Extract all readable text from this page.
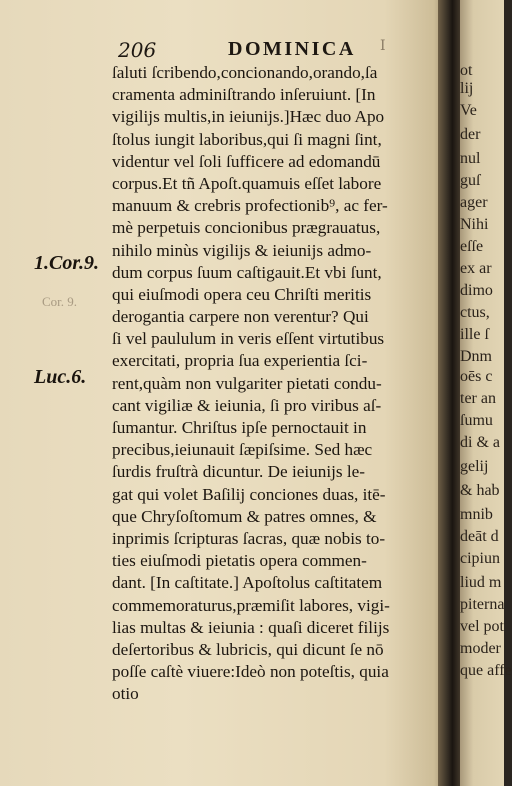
206	DOMINICA I
1.Cor.9.
Cor. 9.
Luc.6.
ſaluti ſcribendo,concionando,orando,ſa
cramenta adminiſtrando inſeruiunt. [In
vigilijs multis,in ieiunijs.]Hæc duo Apo
ſtolus iungit laboribus,qui ſi magni ſint,
videntur vel ſoli ſufficere ad edomandū
corpus.Et tñ Apoſt.quamuis eſſet labore
manuum & crebris profectionib⁹, ac fer-
mè perpetuis concionibus prægrauatus,
nihilo minùs vigilijs & ieiunijs admo-
dum corpus ſuum caſtigauit.Et vbi ſunt,
qui eiuſmodi opera ceu Chriſti meritis
derogantia carpere non verentur? Qui
ſi vel paululum in veris eſſent virtutibus
exercitati, propria ſua experientia ſci-
rent,quàm non vulgariter pietati condu-
cant vigiliæ & ieiunia, ſi pro viribus aſ-
ſumantur. Chriſtus ipſe pernoctauit in
precibus,ieiunauit ſæpiſsime. Sed hæc
ſurdis fruſtrà dicuntur. De ieiunijs le-
gat qui volet Baſilij conciones duas, itē-
que Chryſoſtomum & patres omnes, &
inprimis ſcripturas ſacras, quæ nobis to-
ties eiuſmodi pietatis opera commen-
dant. [In caſtitate.] Apoſtolus caſtitatem
commemoraturus,præmiſit labores, vigi-
lias multas & ieiunia : quaſi diceret filijs
deſertoribus & lubricis, qui dicunt ſe nō
poſſe caſtè viuere:Ideò non poteſtis, quia
otio
ot
lij
Ve
der
nul
guſ
ager
Nihi
eſſe
ex ar
dimo
ctus,
ille ſ
Dnm
oēs c
ter an
ſumu
di & a
gelij
& hab
mnib
deāt d
cipiun
liud m
piterna
vel pot
moder
que affe
